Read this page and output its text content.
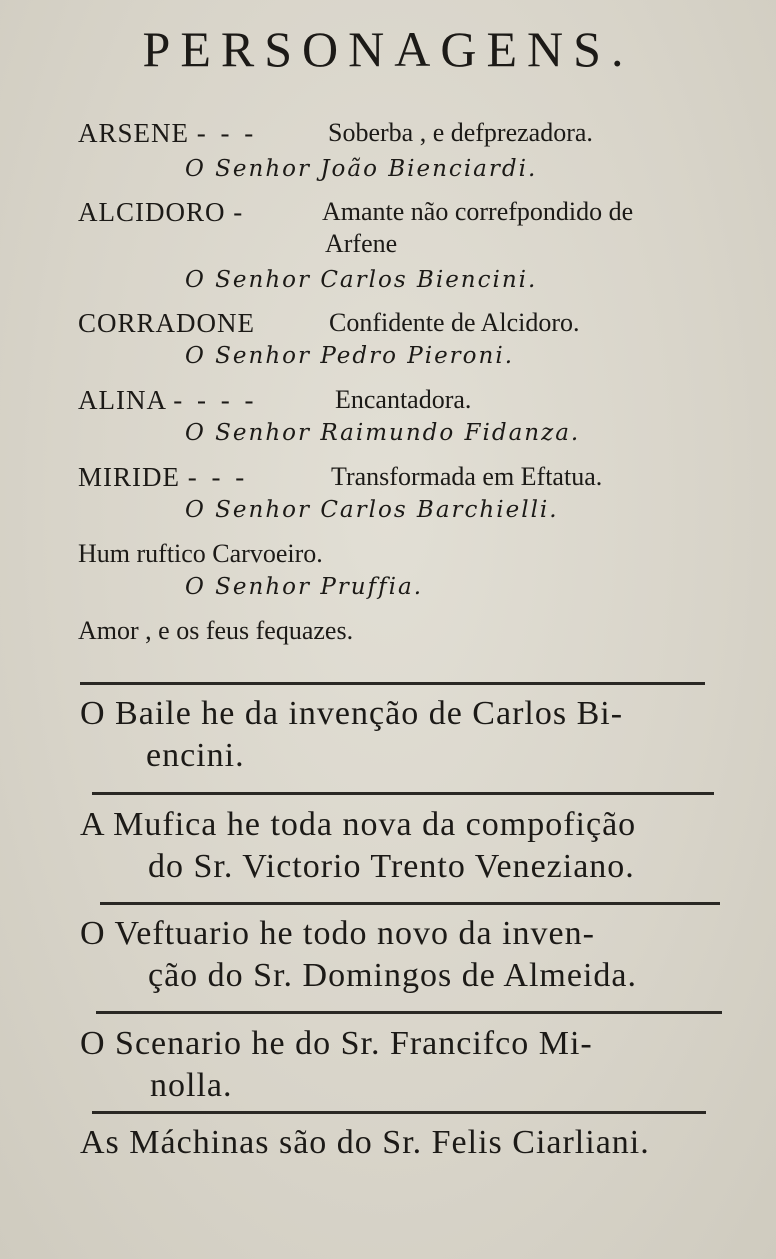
PERSONAGENS.
ARSENE - - -	Soberba , e defprezadora.
O Senhor João Bienciardi.
ALCIDORO -	Amante não correfpondido de
Arfene
O Senhor Carlos Biencini.
CORRADONE	Confidente de Alcidoro.
O Senhor Pedro Pieroni.
ALINA - - - -	Encantadora.
O Senhor Raimundo Fidanza.
MIRIDE - - -	Transformada em Eftatua.
O Senhor Carlos Barchielli.
Hum ruftico Carvoeiro.
O Senhor Pruffia.
Amor , e os feus fequazes.
O Baile he da invenção de Carlos Bi-
encini.
A Mufica he toda nova da compofição
do Sr. Victorio Trento Veneziano.
O Veftuario he todo novo da inven-
ção do Sr. Domingos de Almeida.
O Scenario he do Sr. Francifco Mi-
nolla.
As Máchinas são do Sr. Felis Ciarliani.
